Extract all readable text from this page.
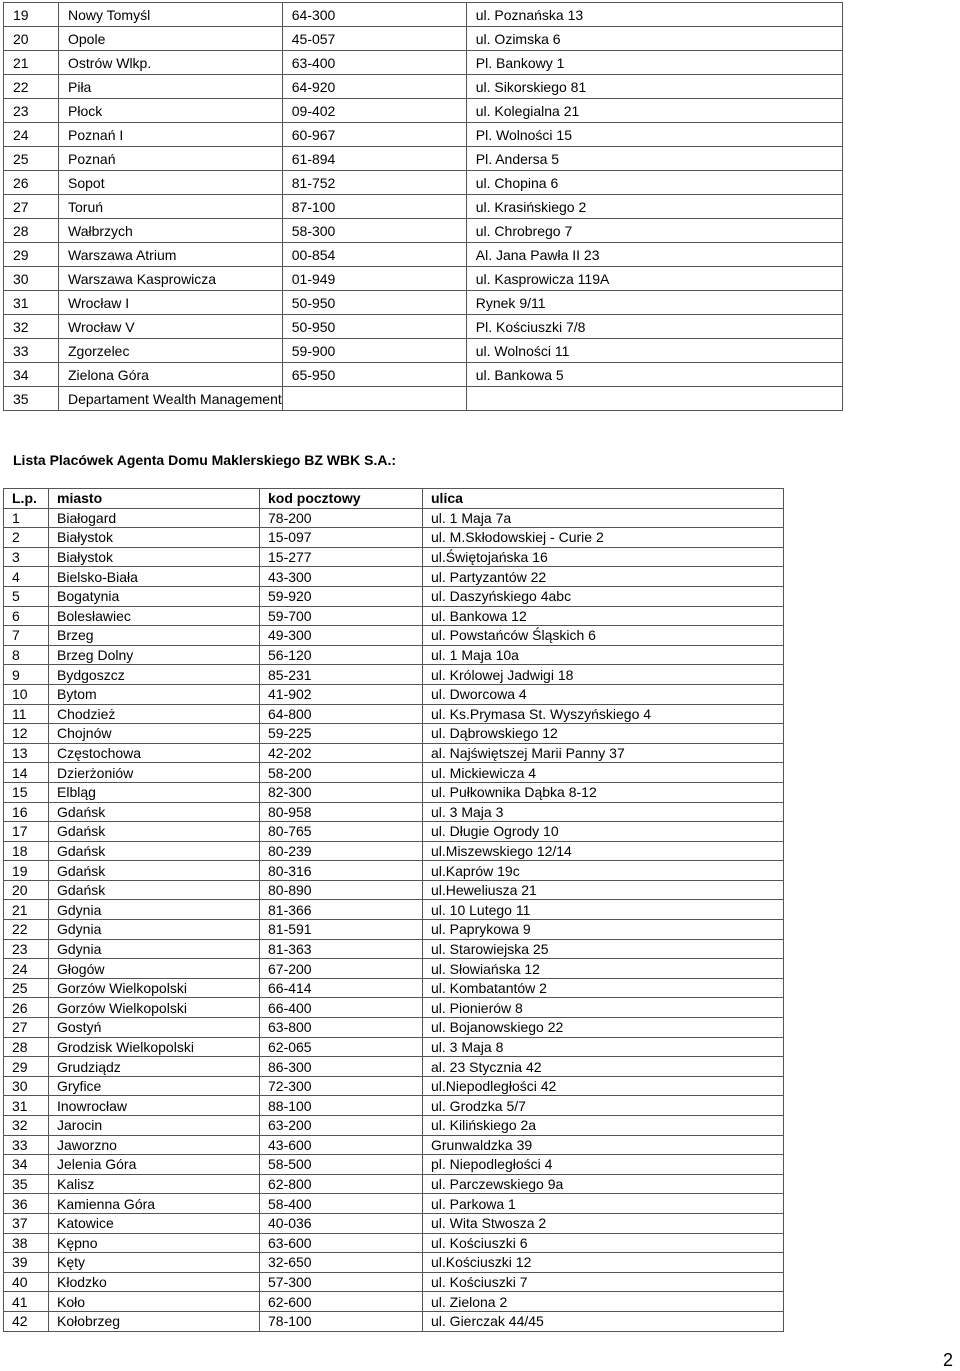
19	Nowy Tomyśl	64-300	ul. Poznańska 13
20	Opole	45-057	ul. Ozimska 6
21	Ostrów Wlkp.	63-400	Pl. Bankowy 1
22	Piła	64-920	ul. Sikorskiego 81
23	Płock	09-402	ul. Kolegialna 21
24	Poznań I	60-967	Pl. Wolności 15
25	Poznań	61-894	Pl. Andersa 5
26	Sopot	81-752	ul. Chopina 6
27	Toruń	87-100	ul. Krasińskiego 2
28	Wałbrzych	58-300	ul. Chrobrego 7
29	Warszawa Atrium	00-854	Al. Jana Pawła II 23
30	Warszawa Kasprowicza	01-949	ul. Kasprowicza 119A
31	Wrocław I	50-950	Rynek 9/11
32	Wrocław V	50-950	Pl. Kościuszki 7/8
33	Zgorzelec	59-900	ul. Wolności 11
34	Zielona Góra	65-950	ul. Bankowa 5
35	Departament Wealth Management		
Lista Placówek Agenta Domu Maklerskiego BZ WBK S.A.:
L.p.	miasto	kod pocztowy	ulica
1	Białogard	78-200	ul. 1 Maja 7a
2	Białystok	15-097	ul. M.Skłodowskiej - Curie 2
3	Białystok	15-277	ul.Świętojańska 16
4	Bielsko-Biała	43-300	ul. Partyzantów 22
5	Bogatynia	59-920	ul. Daszyńskiego 4abc
6	Bolesławiec	59-700	ul. Bankowa 12
7	Brzeg	49-300	ul. Powstańców Śląskich 6
8	Brzeg Dolny	56-120	ul. 1 Maja 10a
9	Bydgoszcz	85-231	ul. Królowej Jadwigi 18
10	Bytom	41-902	ul. Dworcowa 4
11	Chodzież	64-800	ul. Ks.Prymasa St. Wyszyńskiego 4
12	Chojnów	59-225	ul. Dąbrowskiego 12
13	Częstochowa	42-202	al. Najświętszej Marii Panny 37
14	Dzierżoniów	58-200	ul. Mickiewicza 4
15	Elbląg	82-300	ul. Pułkownika Dąbka 8-12
16	Gdańsk	80-958	ul. 3 Maja 3
17	Gdańsk	80-765	ul. Długie Ogrody 10
18	Gdańsk	80-239	ul.Miszewskiego 12/14
19	Gdańsk	80-316	ul.Kaprów 19c
20	Gdańsk	80-890	ul.Heweliusza 21
21	Gdynia	81-366	ul. 10 Lutego 11
22	Gdynia	81-591	ul. Paprykowa 9
23	Gdynia	81-363	ul. Starowiejska 25
24	Głogów	67-200	ul. Słowiańska 12
25	Gorzów Wielkopolski	66-414	ul. Kombatantów 2
26	Gorzów Wielkopolski	66-400	ul. Pionierów 8
27	Gostyń	63-800	ul. Bojanowskiego 22
28	Grodzisk Wielkopolski	62-065	ul. 3 Maja 8
29	Grudziądz	86-300	al. 23 Stycznia 42
30	Gryfice	72-300	ul.Niepodległości 42
31	Inowrocław	88-100	ul. Grodzka 5/7
32	Jarocin	63-200	ul. Kilińskiego 2a
33	Jaworzno	43-600	Grunwaldzka 39
34	Jelenia Góra	58-500	pl. Niepodległości 4
35	Kalisz	62-800	ul. Parczewskiego 9a
36	Kamienna Góra	58-400	ul. Parkowa 1
37	Katowice	40-036	ul. Wita Stwosza 2
38	Kępno	63-600	ul. Kościuszki 6
39	Kęty	32-650	ul.Kościuszki 12
40	Kłodzko	57-300	ul. Kościuszki 7
41	Koło	62-600	ul. Zielona 2
42	Kołobrzeg	78-100	ul. Gierczak 44/45
2
